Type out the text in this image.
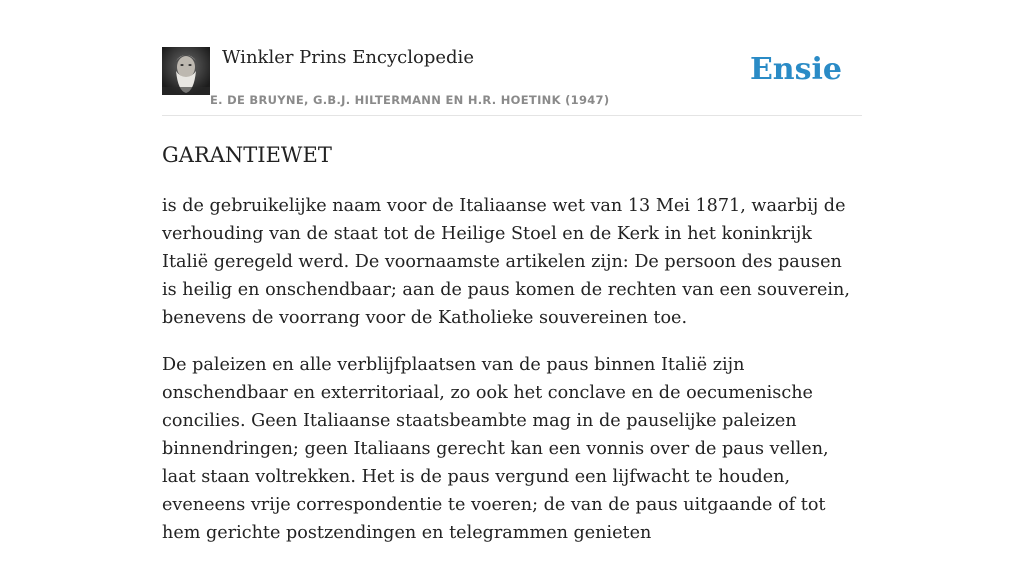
Winkler Prins Encyclopedie
E. DE BRUYNE, G.B.J. HILTERMANN EN H.R. HOETINK (1947)
Ensie
GARANTIEWET

is de gebruikelijke naam voor de Italiaanse wet van 13 Mei 1871, waarbij de verhouding van de staat tot de Heilige Stoel en de Kerk in het koninkrijk Italië geregeld werd. De voornaamste artikelen zijn: De persoon des pausen is heilig en onschendbaar; aan de paus komen de rechten van een souverein, benevens de voorrang voor de Katholieke souvereinen toe.

De paleizen en alle verblijfplaatsen van de paus binnen Italië zijn onschendbaar en exterritoriaal, zo ook het conclave en de oecumenische concilies. Geen Italiaanse staatsbeambte mag in de pauselijke paleizen binnendringen; geen Italiaans gerecht kan een vonnis over de paus vellen, laat staan voltrekken. Het is de paus vergund een lijfwacht te houden, eveneens vrije correspondentie te voeren; de van de paus uitgaande of tot hem gerichte postzendingen en telegrammen genieten
